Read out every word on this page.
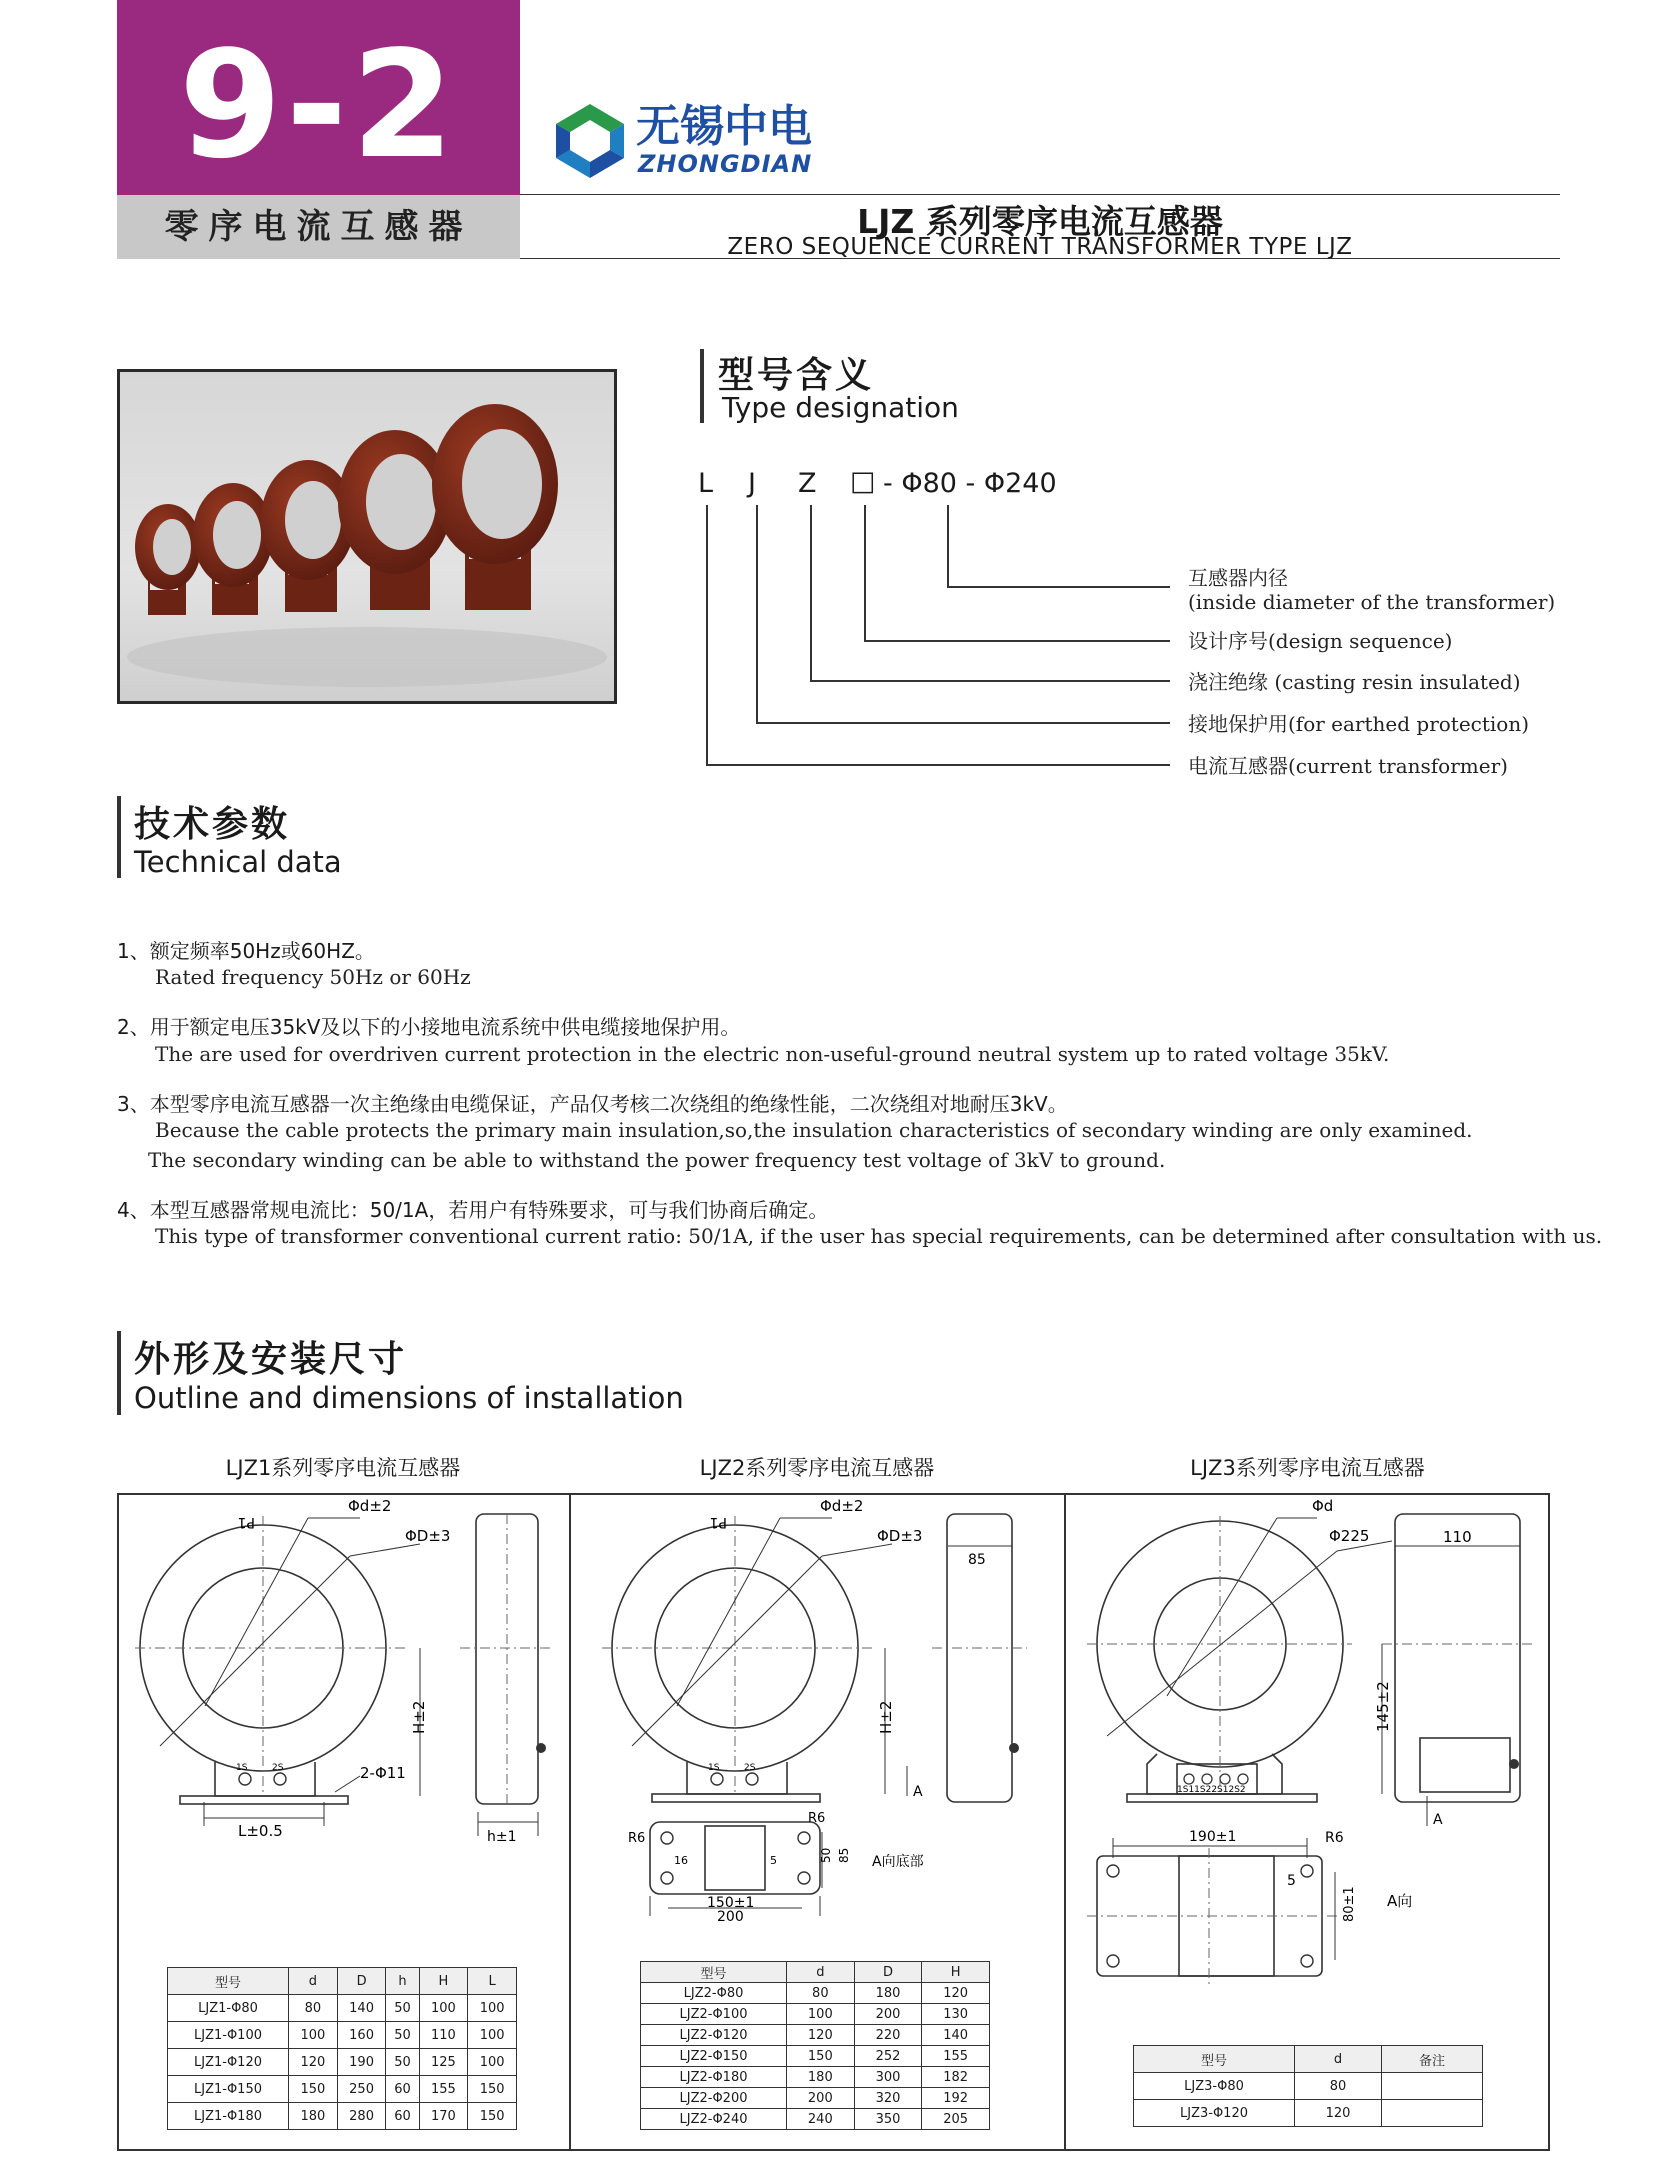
9-2
零序电流互感器
无锡中电
ZHONGDIAN
LJZ 系列零序电流互感器
ZERO SEQUENCE CURRENT TRANSFORMER TYPE LJZ
型号含义
Type designation
L J Z □ - Φ80 - Φ240
互感器内径
(inside diameter of the transformer)
设计序号(design sequence)
浇注绝缘 (casting resin insulated)
接地保护用(for earthed protection)
电流互感器(current transformer)
技术参数
Technical data
1、额定频率50Hz或60HZ。
Rated frequency 50Hz or 60Hz
2、用于额定电压35kV及以下的小接地电流系统中供电缆接地保护用。
The are used for overdriven current protection in the electric non-useful-ground neutral system up to rated voltage 35kV.
3、本型零序电流互感器一次主绝缘由电缆保证，产品仅考核二次绕组的绝缘性能，二次绕组对地耐压3kV。
Because the cable protects the primary main insulation,so,the insulation characteristics of secondary winding are only examined.
The secondary winding can be able to withstand the power frequency test voltage of 3kV to ground.
4、本型互感器常规电流比：50/1A，若用户有特殊要求，可与我们协商后确定。
This type of transformer conventional current ratio: 50/1A, if the user has special requirements, can be determined after consultation with us.
外形及安装尺寸
Outline and dimensions of installation
LJZ1系列零序电流互感器	LJZ2系列零序电流互感器	LJZ3系列零序电流互感器
Φd±2
ΦD±3
P1
H±2
2-Φ11
L±0.5	h±1
1S	2S
Φd±2
ΦD±3
P1
85
H±2
A
R6
R6
16	5	50 85
150±1
200
A向底部
1S	2S
Φd
Φ225	110
145±2
1S11S22S12S2
A
190±1	R6
5
80±1 A向
型号	d	D	h	H	L
LJZ1-Φ80	80	140	50	100	100
LJZ1-Φ100	100	160	50	110	100
LJZ1-Φ120	120	190	50	125	100
LJZ1-Φ150	150	250	60	155	150
LJZ1-Φ180	180	280	60	170	150
型号	d	D	H
LJZ2-Φ80	80	180	120
LJZ2-Φ100	100	200	130
LJZ2-Φ120	120	220	140
LJZ2-Φ150	150	252	155
LJZ2-Φ180	180	300	182
LJZ2-Φ200	200	320	192
LJZ2-Φ240	240	350	205
型号	d	备注
LJZ3-Φ80	80	
LJZ3-Φ120	120	
